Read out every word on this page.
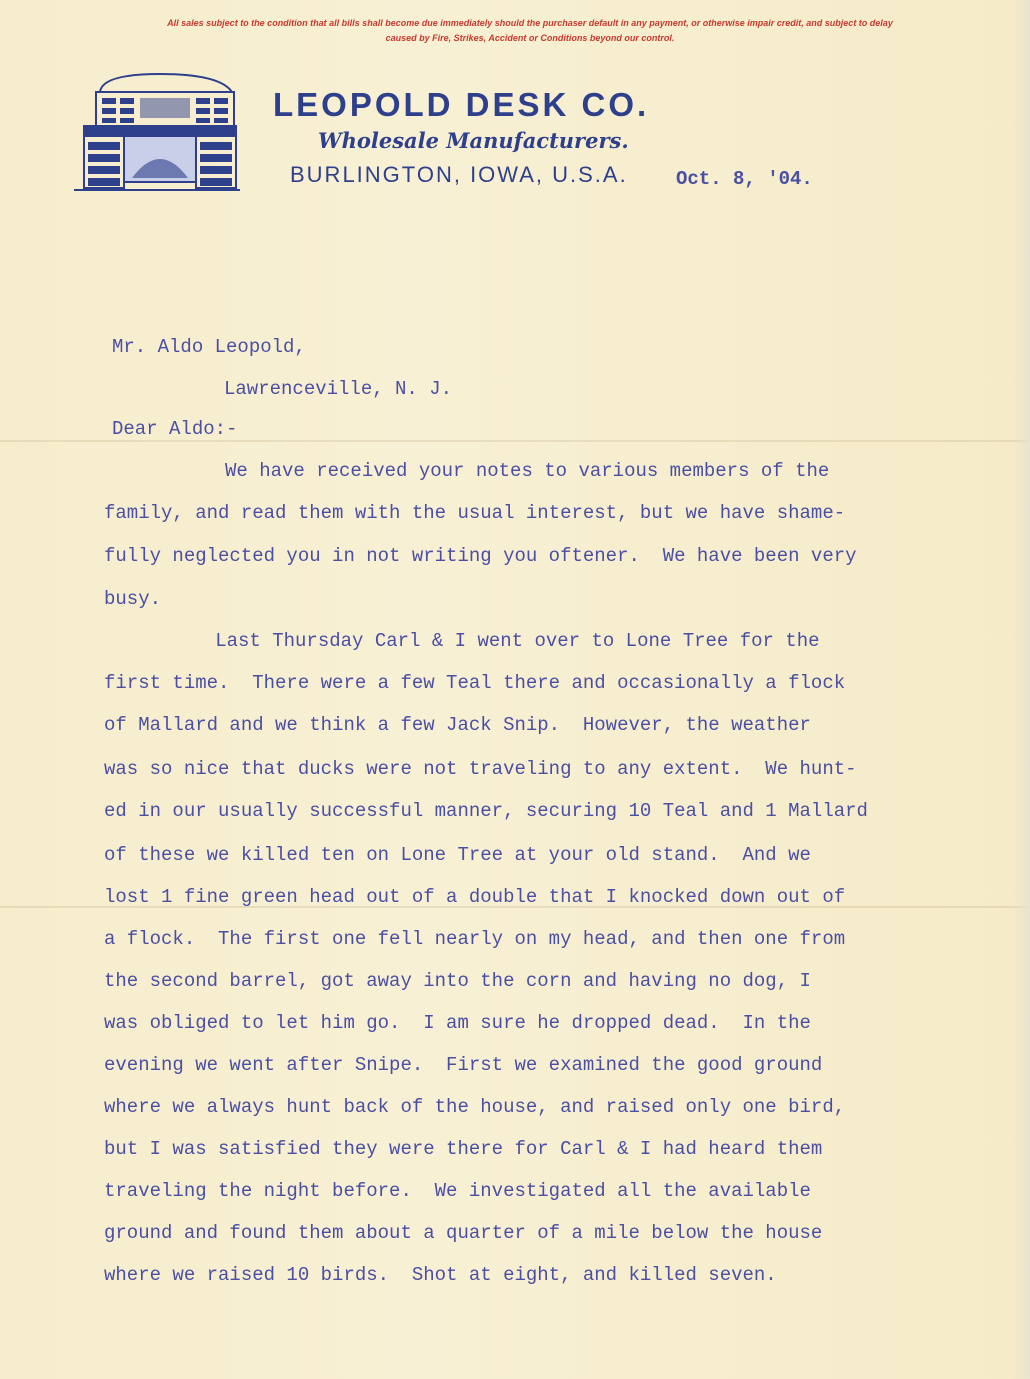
All sales subject to the condition that all bills shall become due immediately should the purchaser default in any payment, or otherwise impair credit, and subject to delay
caused by Fire, Strikes, Accident or Conditions beyond our control.
LEOPOLD DESK CO.

Wholesale Manufacturers.

BURLINGTON, IOWA, U.S.A.	Oct. 8, '04.

Mr. Aldo Leopold,

Lawrenceville, N. J.

Dear Aldo:-

We have received your notes to various members of the

family, and read them with the usual interest, but we have shame-

fully neglected you in not writing you oftener.  We have been very

busy.

Last Thursday Carl & I went over to Lone Tree for the

first time.  There were a few Teal there and occasionally a flock

of Mallard and we think a few Jack Snip.  However, the weather

was so nice that ducks were not traveling to any extent.  We hunt-

ed in our usually successful manner, securing 10 Teal and 1 Mallard

of these we killed ten on Lone Tree at your old stand.  And we

lost 1 fine green head out of a double that I knocked down out of

a flock.  The first one fell nearly on my head, and then one from

the second barrel, got away into the corn and having no dog, I

was obliged to let him go.  I am sure he dropped dead.  In the

evening we went after Snipe.  First we examined the good ground

where we always hunt back of the house, and raised only one bird,

but I was satisfied they were there for Carl & I had heard them

traveling the night before.  We investigated all the available

ground and found them about a quarter of a mile below the house

where we raised 10 birds.  Shot at eight, and killed seven.
